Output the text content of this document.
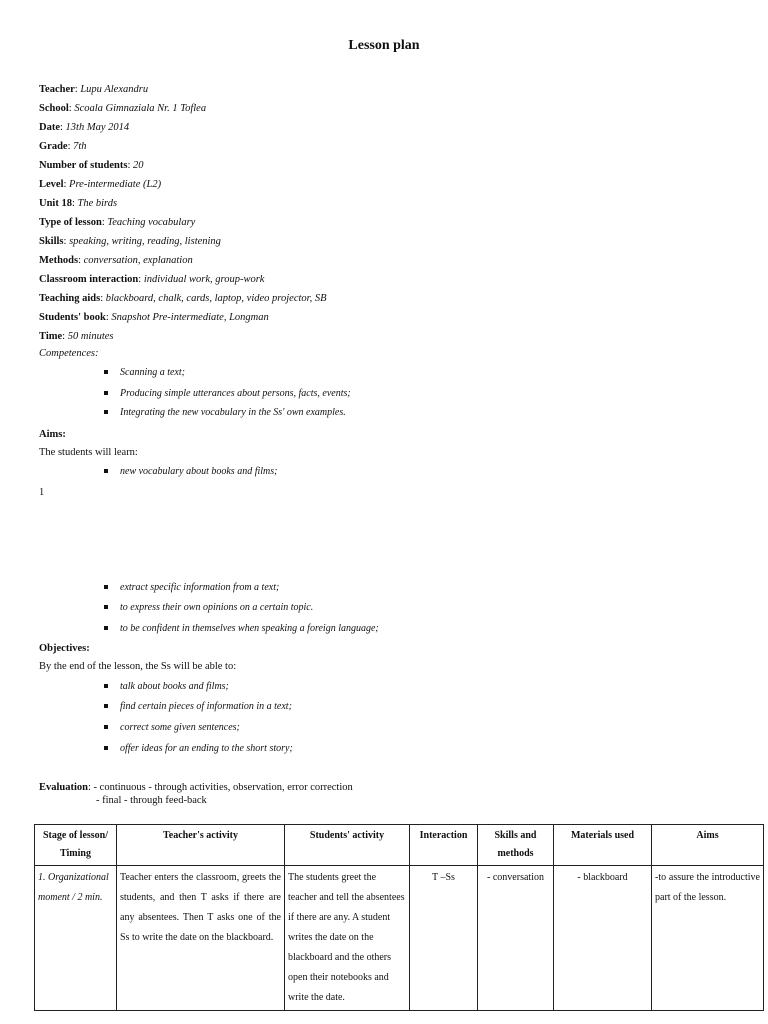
Lesson plan
Teacher: Lupu Alexandru
School: Scoala Gimnaziala Nr. 1 Toflea
Date: 13th May 2014
Grade: 7th
Number of students: 20
Level: Pre-intermediate (L2)
Unit 18: The birds
Type of lesson: Teaching vocabulary
Skills: speaking, writing, reading, listening
Methods: conversation, explanation
Classroom interaction: individual work, group-work
Teaching aids: blackboard, chalk, cards, laptop, video projector, SB
Students' book: Snapshot Pre-intermediate, Longman
Time: 50 minutes
Competences:
Scanning a text;
Producing simple utterances about persons, facts, events;
Integrating the new vocabulary in the Ss' own examples.
Aims:
The students will learn:
new vocabulary about books and films;
extract specific information from a text;
to express their own opinions on a certain topic.
to be confident in themselves when speaking a foreign language;
1
Objectives:
By the end of the lesson, the Ss will be able to:
talk about books and films;
find certain pieces of information in a text;
correct some given sentences;
offer ideas for an ending to the short story;
Evaluation: - continuous - through activities, observation, error correction
- final - through feed-back
Stage of lesson/ Timing	Teacher's activity	Students' activity	Interaction	Skills and methods	Materials used	Aims
1. Organizational moment / 2 min.	Teacher enters the classroom, greets the students, and then T asks if there are any absentees. Then T asks one of the Ss to write the date on the blackboard.	The students greet the teacher and tell the absentees if there are any. A student writes the date on the blackboard and the others open their notebooks and write the date.	T –Ss	- conversation	- blackboard	-to assure the introductive part of the lesson.
